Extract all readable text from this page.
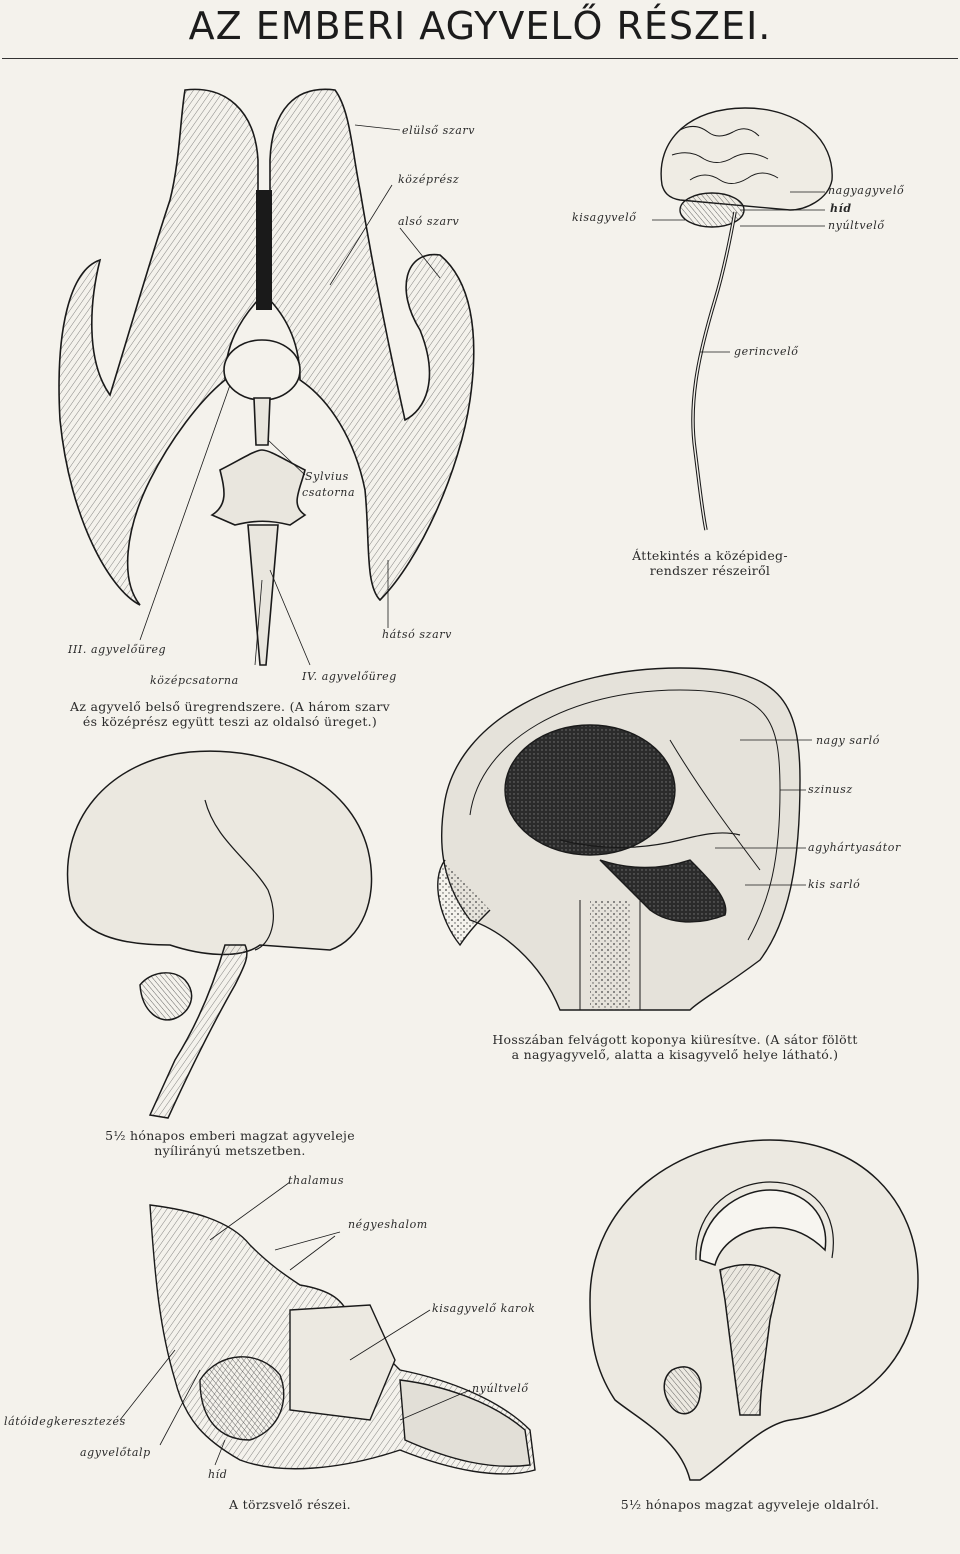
AZ EMBERI AGYVELŐ RÉSZEI.
elülső szarv
középrész
alsó szarv
Sylvius
csatorna
hátsó szarv
III. agyvelőüreg
középcsatorna	IV. agyvelőüreg
Az agyvelő belső üregrendszere. (A három szarv
és középrész együtt teszi az oldalsó üreget.)
nagyagyvelő
híd
nyúltvelő
kisagyvelő
gerincvelő
Áttekintés a középideg-
rendszer részeiről
5½ hónapos emberi magzat agyveleje
nyílirányú metszetben.
nagy sarló
szinusz
agyhártyasátor
kis sarló
Hosszában felvágott koponya kiüresítve. (A sátor fölött
a nagyagyvelő, alatta a kisagyvelő helye látható.)
thalamus
négyeshalom
kisagyvelő karok
nyúltvelő
látóidegkeresztezés
agyvelőtalp
híd
A törzsvelő részei.	5½ hónapos magzat agyveleje oldalról.
